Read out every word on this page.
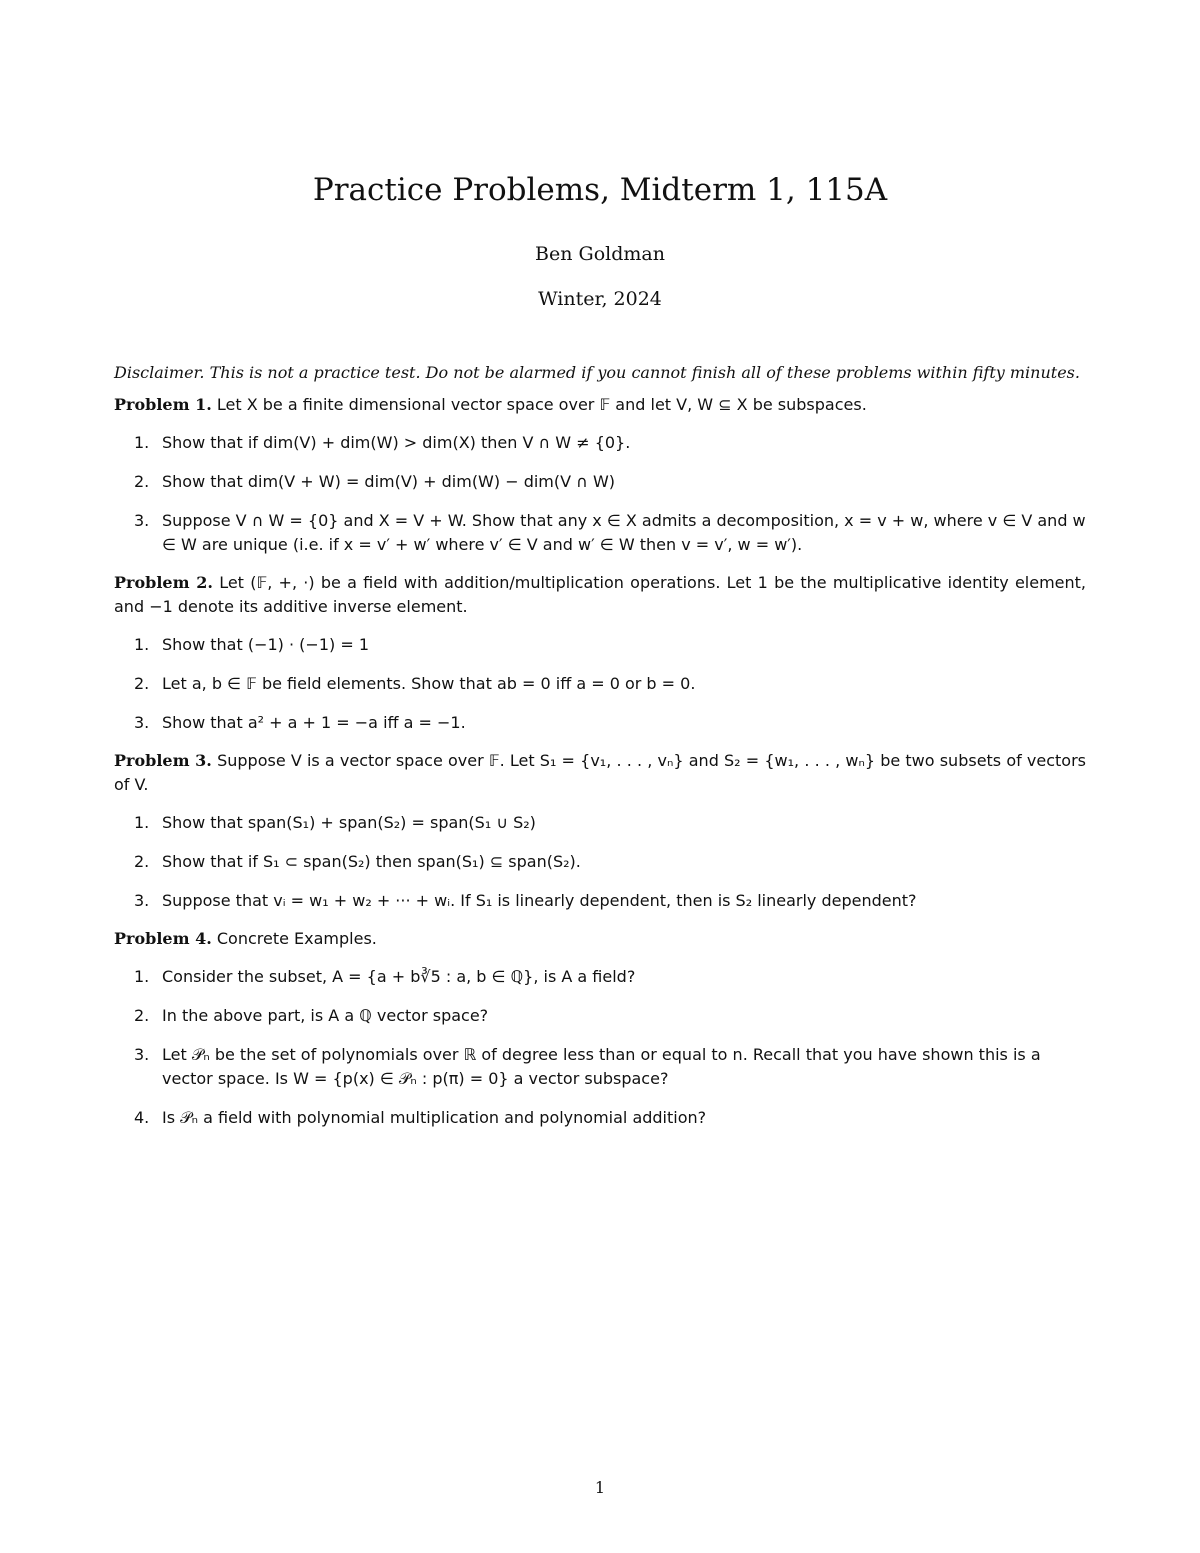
Practice Problems, Midterm 1, 115A
Ben Goldman
Winter, 2024

Disclaimer. This is not a practice test. Do not be alarmed if you cannot finish all of these problems within fifty minutes.

Problem 1. Let X be a finite dimensional vector space over 𝔽 and let V, W ⊆ X be subspaces.

1. Show that if dim(V) + dim(W) > dim(X) then V ∩ W ≠ {0}.
2. Show that dim(V + W) = dim(V) + dim(W) − dim(V ∩ W)
3. Suppose V ∩ W = {0} and X = V + W. Show that any x ∈ X admits a decomposition, x = v + w, where v ∈ V and w ∈ W are unique (i.e. if x = v′ + w′ where v′ ∈ V and w′ ∈ W then v = v′, w = w′).

Problem 2. Let (𝔽, +, ·) be a field with addition/multiplication operations. Let 1 be the multiplicative identity element, and −1 denote its additive inverse element.

1. Show that (−1) · (−1) = 1
2. Let a, b ∈ 𝔽 be field elements. Show that ab = 0 iff a = 0 or b = 0.
3. Show that a² + a + 1 = −a iff a = −1.

Problem 3. Suppose V is a vector space over 𝔽. Let S₁ = {v₁, . . . , vₙ} and S₂ = {w₁, . . . , wₙ} be two subsets of vectors of V.

1. Show that span(S₁) + span(S₂) = span(S₁ ∪ S₂)
2. Show that if S₁ ⊂ span(S₂) then span(S₁) ⊆ span(S₂).
3. Suppose that vᵢ = w₁ + w₂ + ··· + wᵢ. If S₁ is linearly dependent, then is S₂ linearly dependent?

Problem 4. Concrete Examples.

1. Consider the subset, A = {a + b∛5 : a, b ∈ ℚ}, is A a field?
2. In the above part, is A a ℚ vector space?
3. Let 𝒫ₙ be the set of polynomials over ℝ of degree less than or equal to n. Recall that you have shown this is a vector space. Is W = {p(x) ∈ 𝒫ₙ : p(π) = 0} a vector subspace?
4. Is 𝒫ₙ a field with polynomial multiplication and polynomial addition?
1
